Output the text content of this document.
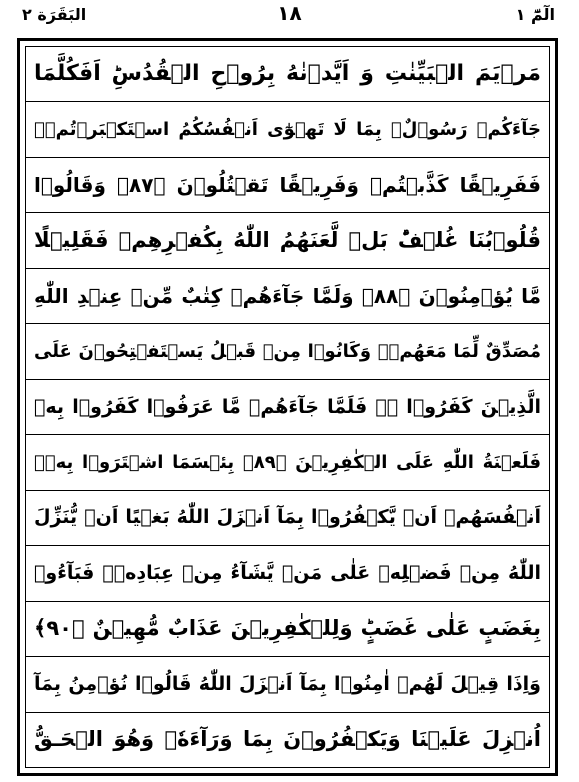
البَقَرَة ٢	١٨	الٓمّٓ ١
مَرۡيَمَ الۡبَيِّنٰتِ وَ اَيَّدۡنٰهُ بِرُوۡحِ الۡقُدُسِؕ اَفَكُلَّمَا
جَآءَكُمۡ رَسُوۡلٌۢ بِمَا لَا تَهۡوٰٓى اَنۡفُسُكُمُ اسۡتَكۡبَرۡتُمۡ‌ۚ
فَفَرِيۡقًا كَذَّبۡتُمۡ وَفَرِيۡقًا تَقۡتُلُوۡنَ ﴿۸۷﴾ وَقَالُوۡا
قُلُوۡبُنَا غُلۡفٌ‌ؕ بَلۡ لَّعَنَهُمُ اللّٰهُ بِكُفۡرِهِمۡ فَقَلِيۡلًا
مَّا يُؤۡمِنُوۡنَ ﴿۸۸﴾ وَلَمَّا جَآءَهُمۡ كِتٰبٌ مِّنۡ عِنۡدِ اللّٰهِ
مُصَدِّقٌ لِّمَا مَعَهُمۡۙ وَكَانُوۡا مِنۡ قَبۡلُ يَسۡتَفۡتِحُوۡنَ عَلَى
الَّذِيۡنَ كَفَرُوۡا ۖۚ فَلَمَّا جَآءَهُمۡ مَّا عَرَفُوۡا كَفَرُوۡا بِهٖ‌
فَلَعۡنَةُ اللّٰهِ عَلَى الۡكٰفِرِيۡنَ ﴿۸۹﴾ بِئۡسَمَا اشۡتَرَوۡا بِهٖۤ
اَنۡفُسَهُمۡ اَنۡ يَّكۡفُرُوۡا بِمَآ اَنۡزَلَ اللّٰهُ بَغۡيًا اَنۡ يُّنَزِّلَ
اللّٰهُ مِنۡ فَضۡلِهٖ عَلٰى مَنۡ يَّشَآءُ مِنۡ عِبَادِهٖ‌ۚ فَبَآءُوۡ
بِغَضَبٍ عَلٰى غَضَبٍ‌ؕ وَلِلۡكٰفِرِيۡنَ عَذَابٌ مُّهِيۡنٌ ﴿۹۰﴾
وَاِذَا قِيۡلَ لَهُمۡ اٰمِنُوۡا بِمَآ اَنۡزَلَ اللّٰهُ قَالُوۡا نُؤۡمِنُ بِمَآ
اُنۡزِلَ عَلَيۡنَا وَيَكۡفُرُوۡنَ بِمَا وَرَآءَهٗ‌ۚ وَهُوَ الۡحَـقُّ
